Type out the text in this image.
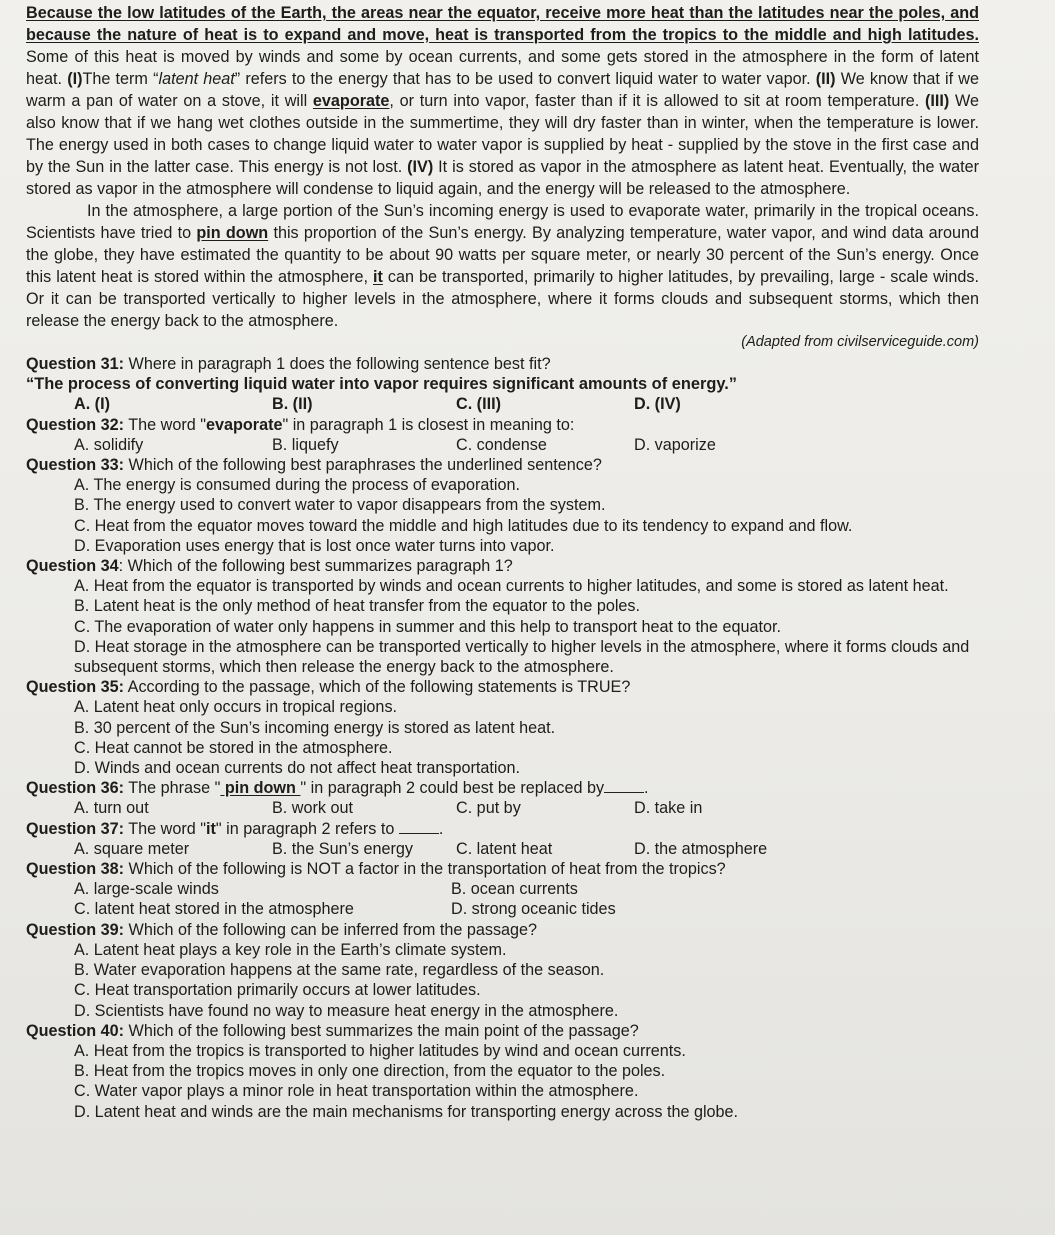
Because the low latitudes of the Earth, the areas near the equator, receive more heat than the latitudes near the poles, and because the nature of heat is to expand and move, heat is transported from the tropics to the middle and high latitudes. Some of this heat is moved by winds and some by ocean currents, and some gets stored in the atmosphere in the form of latent heat. (I)The term “latent heat” refers to the energy that has to be used to convert liquid water to water vapor. (II) We know that if we warm a pan of water on a stove, it will evaporate, or turn into vapor, faster than if it is allowed to sit at room temperature. (III) We also know that if we hang wet clothes outside in the summertime, they will dry faster than in winter, when the temperature is lower. The energy used in both cases to change liquid water to water vapor is supplied by heat - supplied by the stove in the first case and by the Sun in the latter case. This energy is not lost. (IV) It is stored as vapor in the atmosphere as latent heat. Eventually, the water stored as vapor in the atmosphere will condense to liquid again, and the energy will be released to the atmosphere.

In the atmosphere, a large portion of the Sun’s incoming energy is used to evaporate water, primarily in the tropical oceans. Scientists have tried to pin down this proportion of the Sun’s energy. By analyzing temperature, water vapor, and wind data around the globe, they have estimated the quantity to be about 90 watts per square meter, or nearly 30 percent of the Sun’s energy. Once this latent heat is stored within the atmosphere, it can be transported, primarily to higher latitudes, by prevailing, large - scale winds. Or it can be transported vertically to higher levels in the atmosphere, where it forms clouds and subsequent storms, which then release the energy back to the atmosphere.

(Adapted from civilserviceguide.com)

Question 31: Where in paragraph 1 does the following sentence best fit?
“The process of converting liquid water into vapor requires significant amounts of energy.”
A. (I)	B. (II)	C. (III)	D. (IV)
Question 32: The word "evaporate" in paragraph 1 is closest in meaning to:
A. solidify	B. liquefy	C. condense	D. vaporize
Question 33: Which of the following best paraphrases the underlined sentence?
A. The energy is consumed during the process of evaporation.
B. The energy used to convert water to vapor disappears from the system.
C. Heat from the equator moves toward the middle and high latitudes due to its tendency to expand and flow.
D. Evaporation uses energy that is lost once water turns into vapor.
Question 34: Which of the following best summarizes paragraph 1?
A. Heat from the equator is transported by winds and ocean currents to higher latitudes, and some is stored as latent heat.
B. Latent heat is the only method of heat transfer from the equator to the poles.
C. The evaporation of water only happens in summer and this help to transport heat to the equator.
D. Heat storage in the atmosphere can be transported vertically to higher levels in the atmosphere, where it forms clouds and subsequent storms, which then release the energy back to the atmosphere.
Question 35: According to the passage, which of the following statements is TRUE?
A. Latent heat only occurs in tropical regions.
B. 30 percent of the Sun’s incoming energy is stored as latent heat.
C. Heat cannot be stored in the atmosphere.
D. Winds and ocean currents do not affect heat transportation.
Question 36: The phrase " pin down " in paragraph 2 could best be replaced by .
A. turn out	B. work out	C. put by	D. take in
Question 37: The word "it" in paragraph 2 refers to	.
A. square meter	B. the Sun’s energy	C. latent heat	D. the atmosphere
Question 38: Which of the following is NOT a factor in the transportation of heat from the tropics?
A. large-scale winds	B. ocean currents
C. latent heat stored in the atmosphere	D. strong oceanic tides
Question 39: Which of the following can be inferred from the passage?
A. Latent heat plays a key role in the Earth’s climate system.
B. Water evaporation happens at the same rate, regardless of the season.
C. Heat transportation primarily occurs at lower latitudes.
D. Scientists have found no way to measure heat energy in the atmosphere.
Question 40: Which of the following best summarizes the main point of the passage?
A. Heat from the tropics is transported to higher latitudes by wind and ocean currents.
B. Heat from the tropics moves in only one direction, from the equator to the poles.
C. Water vapor plays a minor role in heat transportation within the atmosphere.
D. Latent heat and winds are the main mechanisms for transporting energy across the globe.
